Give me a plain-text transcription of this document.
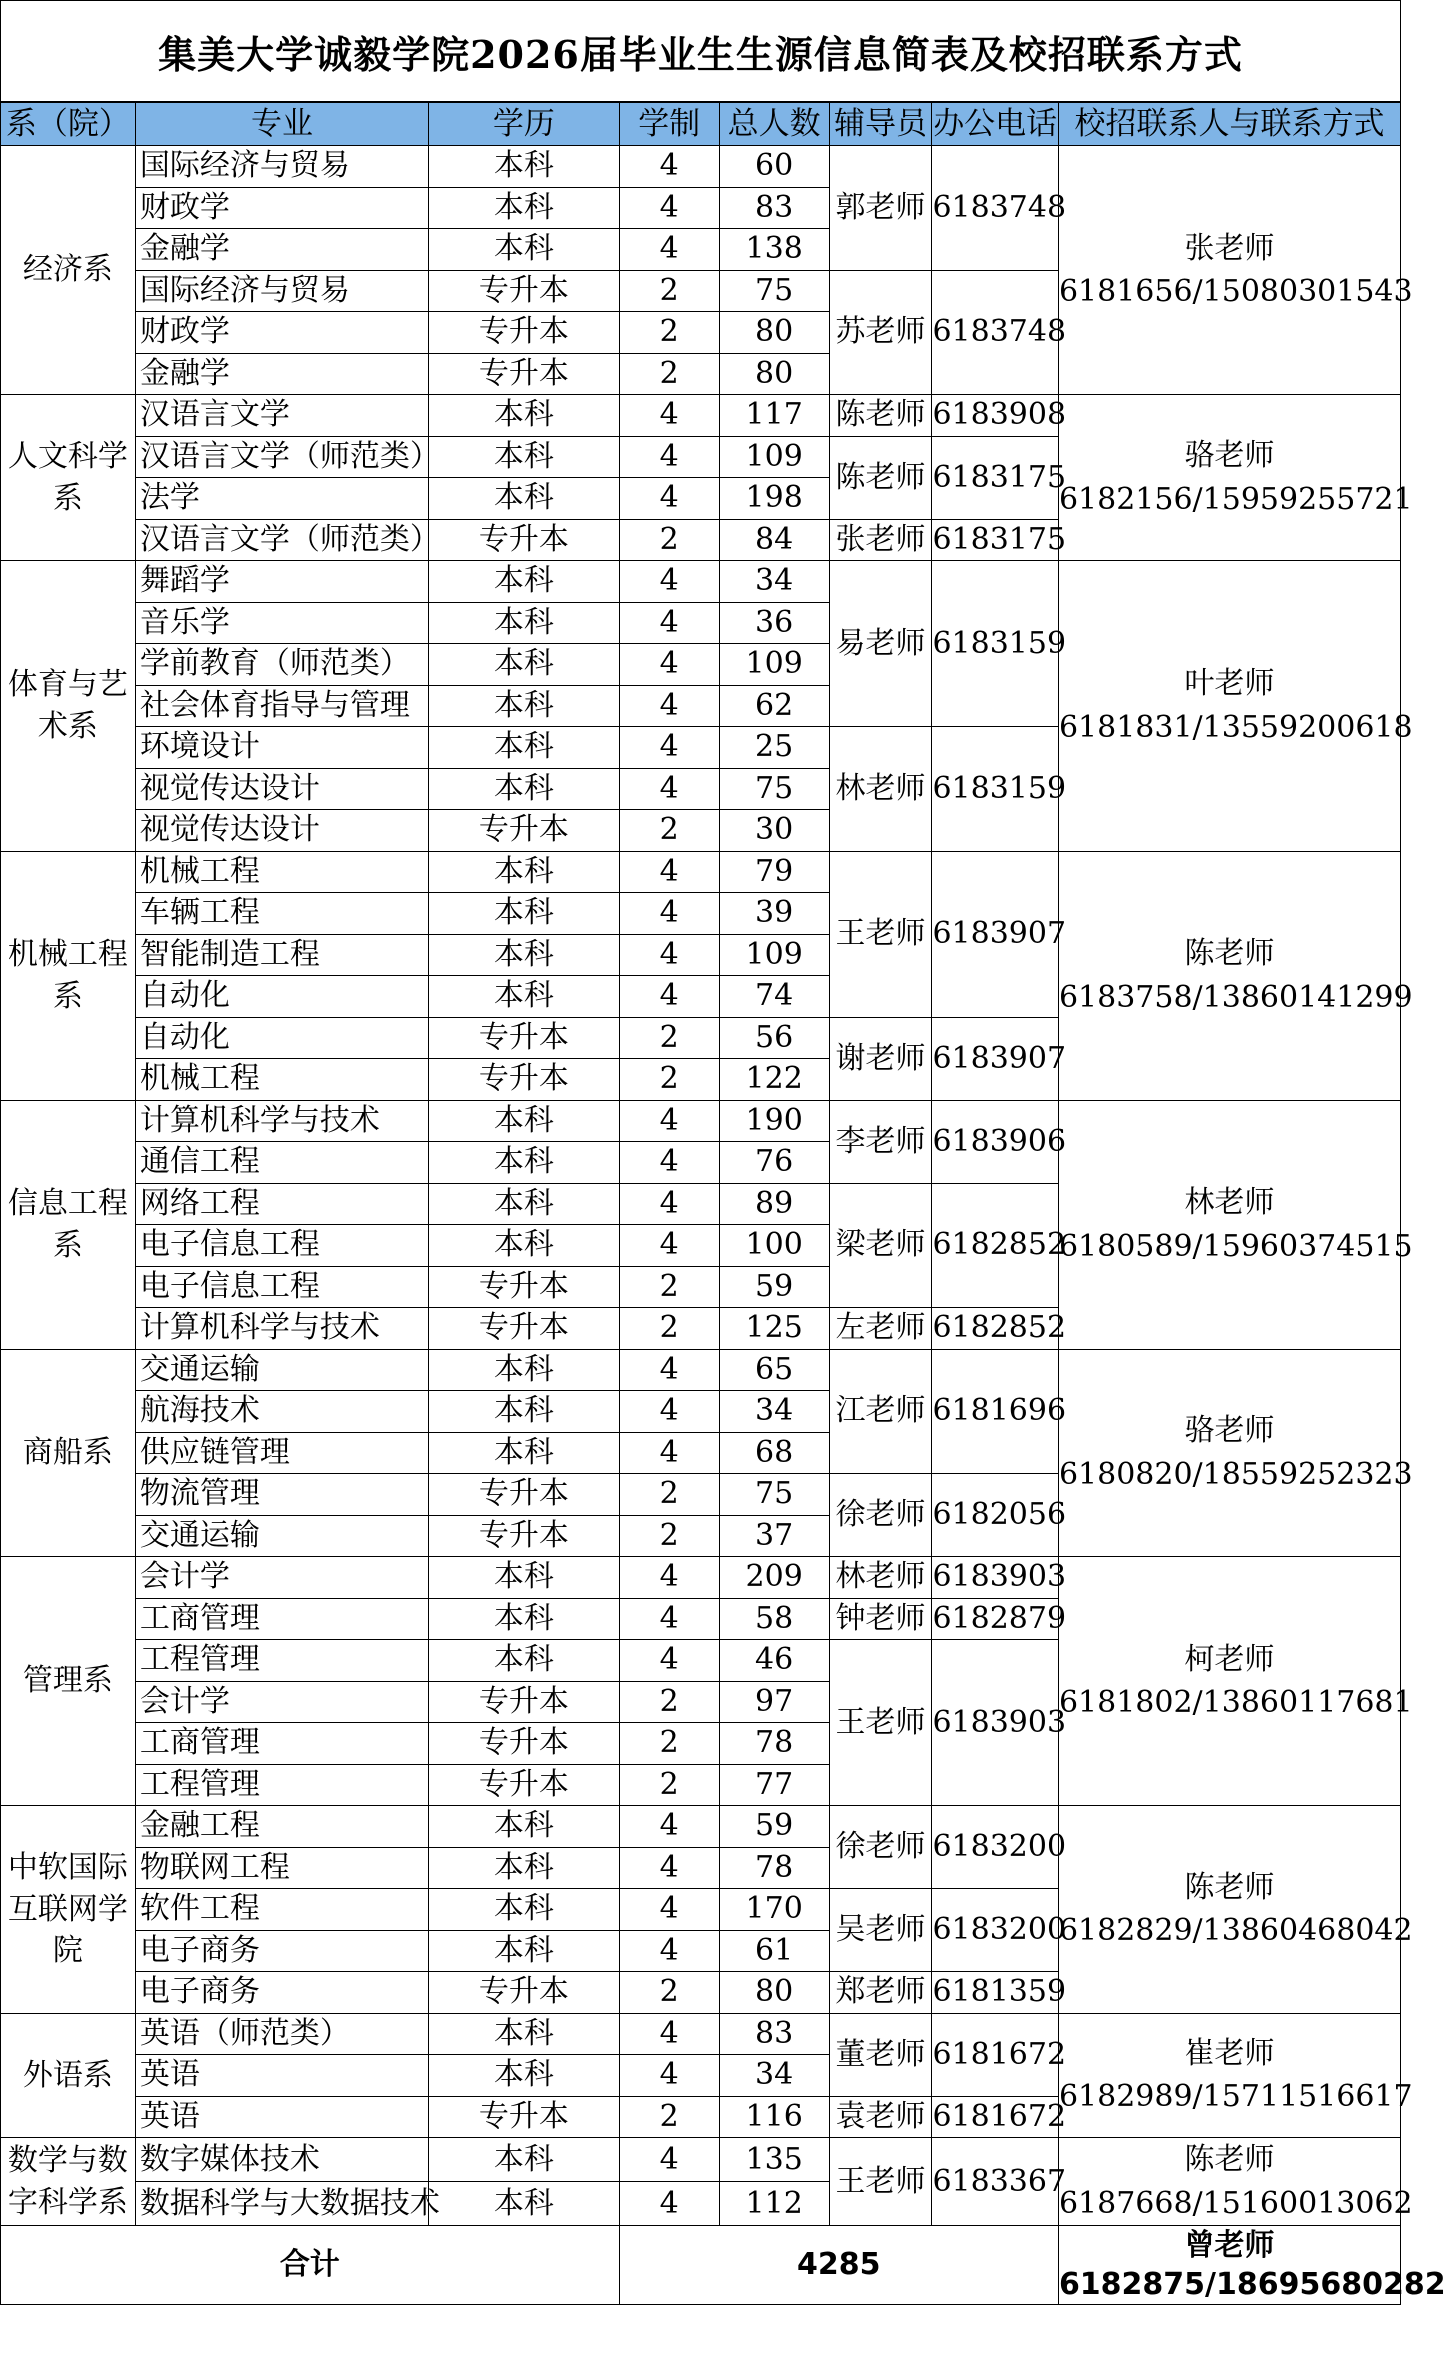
集美大学诚毅学院2026届毕业生生源信息简表及校招联系方式
系（院）	专业	学历	学制	总人数	辅导员	办公电话	校招联系人与联系方式
经济系	国际经济与贸易	本科	4	60	郭老师	6183748	张老师
6181656/15080301543
	财政学	本科	4	83			
	金融学	本科	4	138			
	国际经济与贸易	专升本	2	75	苏老师	6183748	
	财政学	专升本	2	80			
	金融学	专升本	2	80			
人文科学系	汉语言文学	本科	4	117	陈老师	6183908	骆老师
6182156/15959255721
	汉语言文学（师范类）	本科	4	109	陈老师	6183175	
	法学	本科	4	198			
	汉语言文学（师范类）	专升本	2	84	张老师	6183175	
体育与艺术系	舞蹈学	本科	4	34	易老师	6183159	叶老师
6181831/13559200618
	音乐学	本科	4	36			
	学前教育（师范类）	本科	4	109			
	社会体育指导与管理	本科	4	62			
	环境设计	本科	4	25	林老师	6183159	
	视觉传达设计	本科	4	75			
	视觉传达设计	专升本	2	30			
机械工程系	机械工程	本科	4	79	王老师	6183907	陈老师
6183758/13860141299
	车辆工程	本科	4	39			
	智能制造工程	本科	4	109			
	自动化	本科	4	74			
	自动化	专升本	2	56	谢老师	6183907	
	机械工程	专升本	2	122			
信息工程系	计算机科学与技术	本科	4	190	李老师	6183906	林老师
6180589/15960374515
	通信工程	本科	4	76			
	网络工程	本科	4	89	梁老师	6182852	
	电子信息工程	本科	4	100			
	电子信息工程	专升本	2	59			
	计算机科学与技术	专升本	2	125	左老师	6182852	
商船系	交通运输	本科	4	65	江老师	6181696	骆老师
6180820/18559252323
	航海技术	本科	4	34			
	供应链管理	本科	4	68			
	物流管理	专升本	2	75	徐老师	6182056	
	交通运输	专升本	2	37			
管理系	会计学	本科	4	209	林老师	6183903	柯老师
6181802/13860117681
	工商管理	本科	4	58	钟老师	6182879	
	工程管理	本科	4	46	王老师	6183903	
	会计学	专升本	2	97			
	工商管理	专升本	2	78			
	工程管理	专升本	2	77			
中软国际互联网学院	金融工程	本科	4	59	徐老师	6183200	陈老师
6182829/13860468042
	物联网工程	本科	4	78			
	软件工程	本科	4	170	吴老师	6183200	
	电子商务	本科	4	61			
	电子商务	专升本	2	80	郑老师	6181359	
外语系	英语（师范类）	本科	4	83	董老师	6181672	崔老师
6182989/15711516617
	英语	本科	4	34			
	英语	专升本	2	116	袁老师	6181672	
数学与数字科学系	数字媒体技术	本科	4	135	王老师	6183367	陈老师
6187668/15160013062
	数据科学与大数据技术	本科	4	112			
合计			4285				曾老师
6182875/18695680282
